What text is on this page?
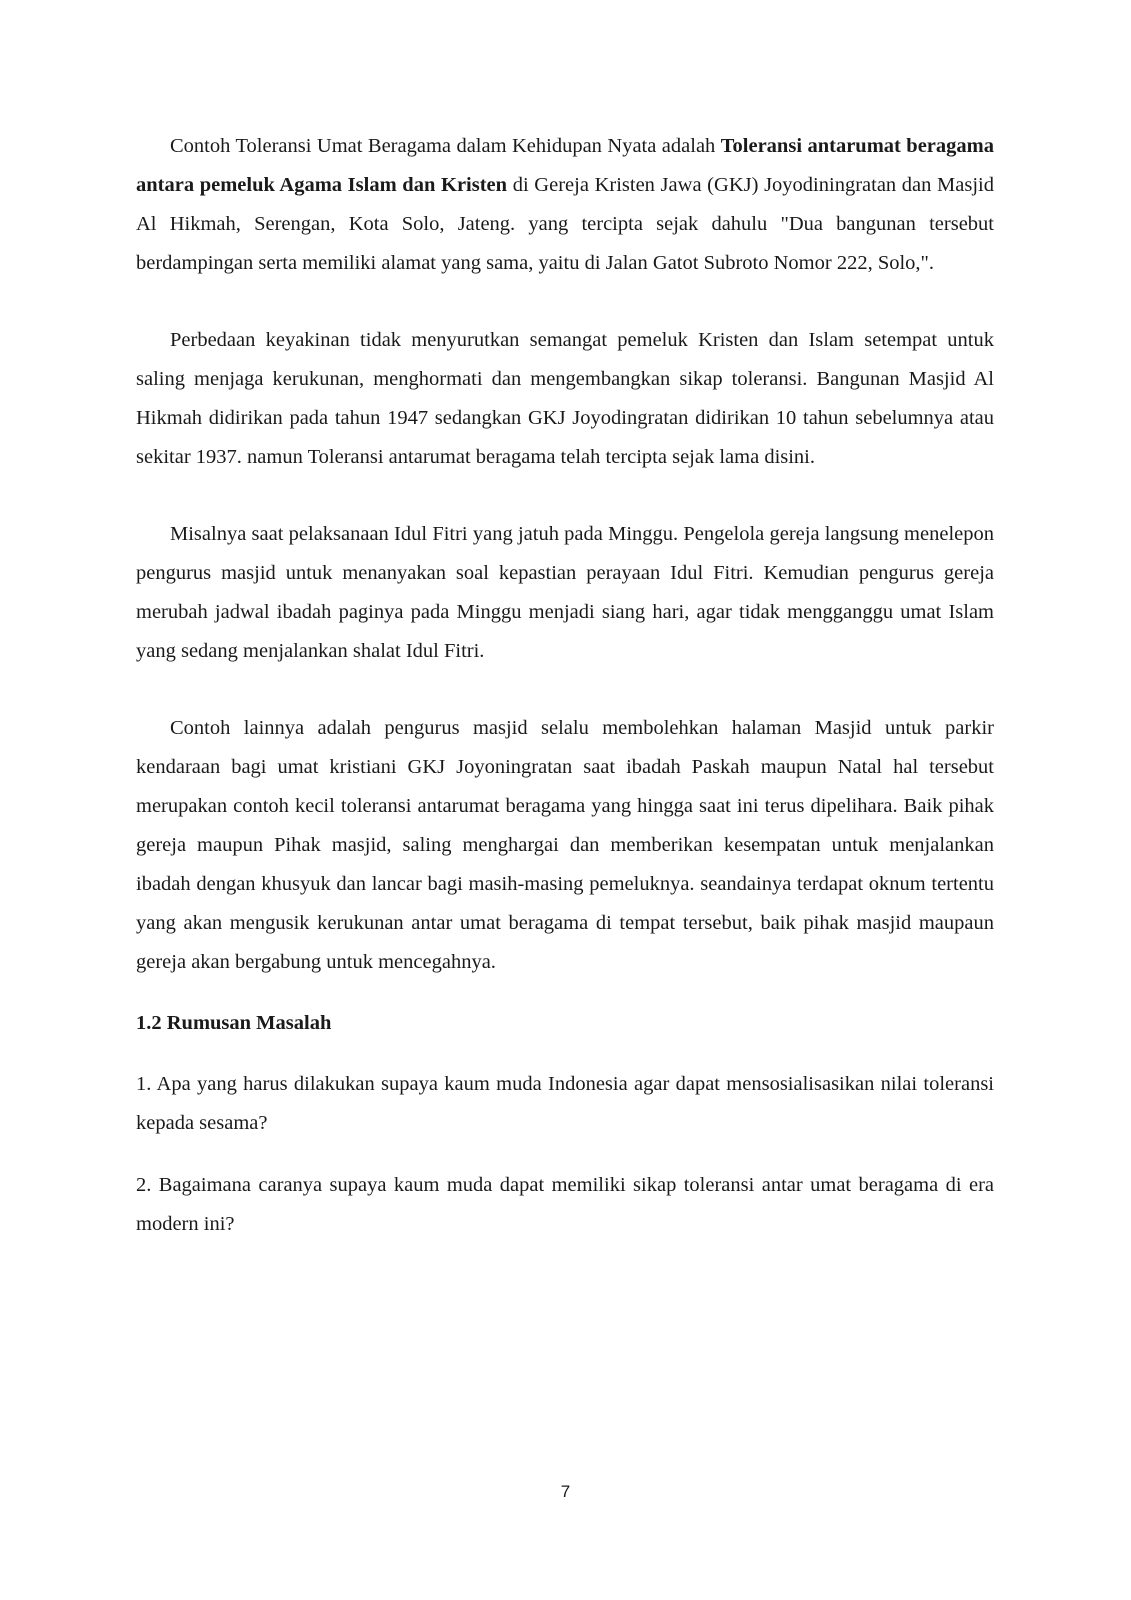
Contoh Toleransi Umat Beragama dalam Kehidupan Nyata adalah Toleransi antarumat beragama antara pemeluk Agama Islam dan Kristen di Gereja Kristen Jawa (GKJ) Joyodiningratan dan Masjid Al Hikmah, Serengan, Kota Solo, Jateng. yang tercipta sejak dahulu "Dua bangunan tersebut berdampingan serta memiliki alamat yang sama, yaitu di Jalan Gatot Subroto Nomor 222, Solo,".

Perbedaan keyakinan tidak menyurutkan semangat pemeluk Kristen dan Islam setempat untuk saling menjaga kerukunan, menghormati dan mengembangkan sikap toleransi. Bangunan Masjid Al Hikmah didirikan pada tahun 1947 sedangkan GKJ Joyodingratan didirikan 10 tahun sebelumnya atau sekitar 1937. namun Toleransi antarumat beragama telah tercipta sejak lama disini.

Misalnya saat pelaksanaan Idul Fitri yang jatuh pada Minggu. Pengelola gereja langsung menelepon pengurus masjid untuk menanyakan soal kepastian perayaan Idul Fitri. Kemudian pengurus gereja merubah jadwal ibadah paginya pada Minggu menjadi siang hari, agar tidak mengganggu umat Islam yang sedang menjalankan shalat Idul Fitri.

Contoh lainnya adalah pengurus masjid selalu membolehkan halaman Masjid untuk parkir kendaraan bagi umat kristiani GKJ Joyoningratan saat ibadah Paskah maupun Natal hal tersebut merupakan contoh kecil toleransi antarumat beragama yang hingga saat ini terus dipelihara. Baik pihak gereja maupun Pihak masjid, saling menghargai dan memberikan kesempatan untuk menjalankan ibadah dengan khusyuk dan lancar bagi masih-masing pemeluknya. seandainya terdapat oknum tertentu yang akan mengusik kerukunan antar umat beragama di tempat tersebut, baik pihak masjid maupaun gereja akan bergabung untuk mencegahnya.

1.2 Rumusan Masalah

1. Apa yang harus dilakukan supaya kaum muda Indonesia agar dapat mensosialisasikan nilai toleransi kepada sesama?

2. Bagaimana caranya supaya kaum muda dapat memiliki sikap toleransi antar umat beragama di era modern ini?

7
